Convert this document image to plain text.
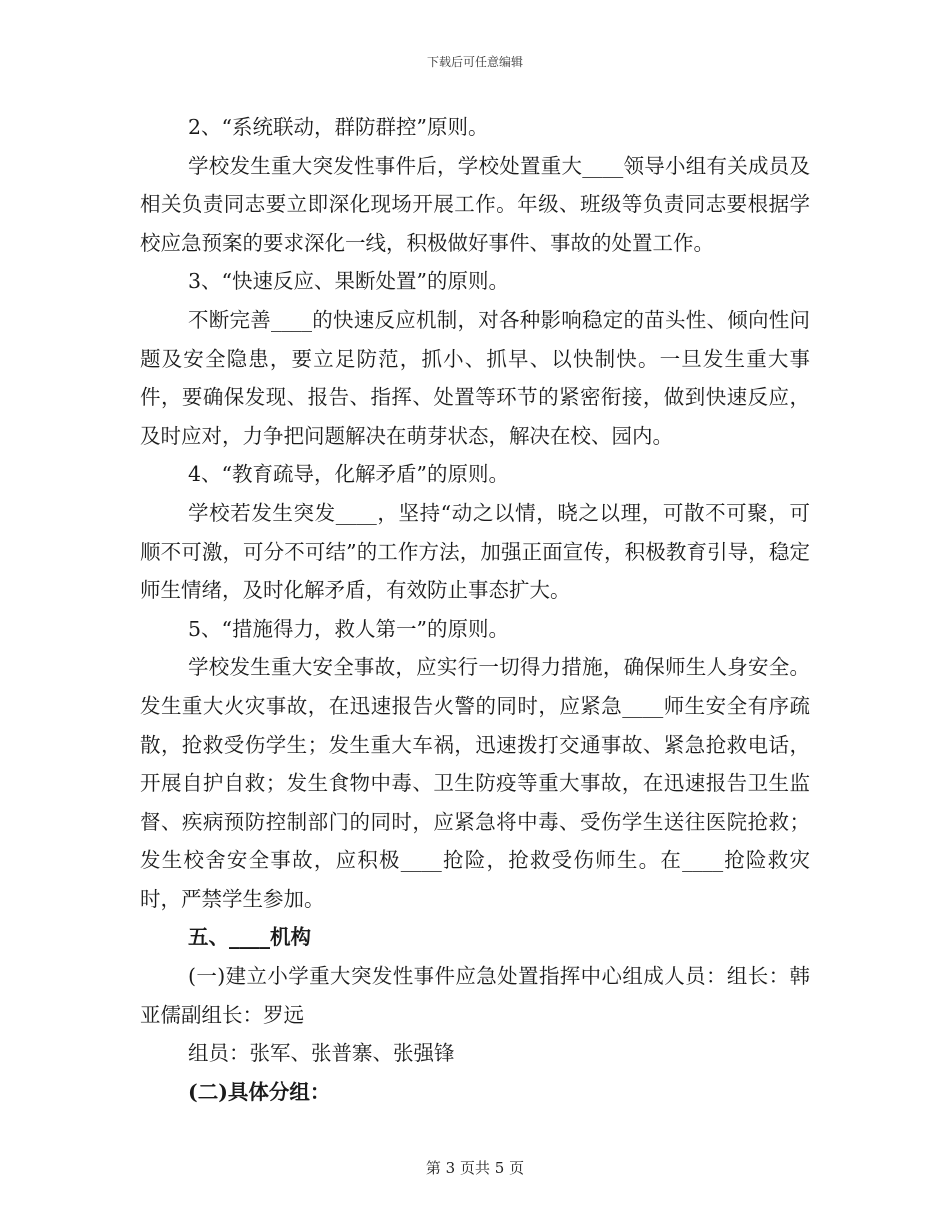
下载后可任意编辑

2、“系统联动，群防群控”原则。

学校发生重大突发性事件后，学校处置重大____领导小组有关成员及相关负责同志要立即深化现场开展工作。年级、班级等负责同志要根据学校应急预案的要求深化一线，积极做好事件、事故的处置工作。

3、“快速反应、果断处置”的原则。

不断完善____的快速反应机制，对各种影响稳定的苗头性、倾向性问题及安全隐患，要立足防范，抓小、抓早、以快制快。一旦发生重大事件，要确保发现、报告、指挥、处置等环节的紧密衔接，做到快速反应，及时应对，力争把问题解决在萌芽状态，解决在校、园内。

4、“教育疏导，化解矛盾”的原则。

学校若发生突发____，坚持“动之以情，晓之以理，可散不可聚，可顺不可激，可分不可结”的工作方法，加强正面宣传，积极教育引导，稳定师生情绪，及时化解矛盾，有效防止事态扩大。

5、“措施得力，救人第一”的原则。

学校发生重大安全事故，应实行一切得力措施，确保师生人身安全。发生重大火灾事故，在迅速报告火警的同时，应紧急____师生安全有序疏散，抢救受伤学生；发生重大车祸，迅速拨打交通事故、紧急抢救电话，开展自护自救；发生食物中毒、卫生防疫等重大事故，在迅速报告卫生监督、疾病预防控制部门的同时，应紧急将中毒、受伤学生送往医院抢救；发生校舍安全事故，应积极____抢险，抢救受伤师生。在____抢险救灾时，严禁学生参加。

五、____机构

(一)建立小学重大突发性事件应急处置指挥中心组成人员：组长：韩亚儒副组长：罗远

组员：张军、张普寨、张强锋

(二)具体分组：

第 3 页共 5 页
